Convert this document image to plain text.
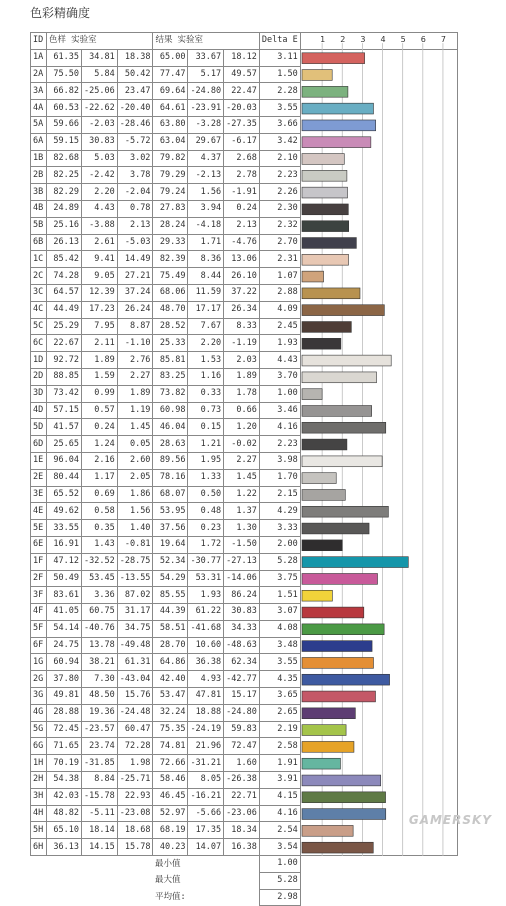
色彩精确度
ID	色样 实验室			结果 实验室			Delta E	
1A	61.35	34.81	18.38	65.00	33.67	18.12	3.11	
2A	75.50	5.84	50.42	77.47	5.17	49.57	1.50	
3A	66.82	-25.06	23.47	69.64	-24.80	22.47	2.28	
4A	60.53	-22.62	-20.40	64.61	-23.91	-20.03	3.55	
5A	59.66	-2.03	-28.46	63.80	-3.28	-27.35	3.66	
6A	59.15	30.83	-5.72	63.04	29.67	-6.17	3.42	
1B	82.68	5.03	3.02	79.82	4.37	2.68	2.10	
2B	82.25	-2.42	3.78	79.29	-2.13	2.78	2.23	
3B	82.29	2.20	-2.04	79.24	1.56	-1.91	2.26	
4B	24.89	4.43	0.78	27.83	3.94	0.24	2.30	
5B	25.16	-3.88	2.13	28.24	-4.18	2.13	2.32	
6B	26.13	2.61	-5.03	29.33	1.71	-4.76	2.70	
1C	85.42	9.41	14.49	82.39	8.36	13.06	2.31	
2C	74.28	9.05	27.21	75.49	8.44	26.10	1.07	
3C	64.57	12.39	37.24	68.06	11.59	37.22	2.88	
4C	44.49	17.23	26.24	48.70	17.17	26.34	4.09	
5C	25.29	7.95	8.87	28.52	7.67	8.33	2.45	
6C	22.67	2.11	-1.10	25.33	2.20	-1.19	1.93	
1D	92.72	1.89	2.76	85.81	1.53	2.03	4.43	
2D	88.85	1.59	2.27	83.25	1.16	1.89	3.70	
3D	73.42	0.99	1.89	73.82	0.33	1.78	1.00	
4D	57.15	0.57	1.19	60.98	0.73	0.66	3.46	
5D	41.57	0.24	1.45	46.04	0.15	1.20	4.16	
6D	25.65	1.24	0.05	28.63	1.21	-0.02	2.23	
1E	96.04	2.16	2.60	89.56	1.95	2.27	3.98	
2E	80.44	1.17	2.05	78.16	1.33	1.45	1.70	
3E	65.52	0.69	1.86	68.07	0.50	1.22	2.15	
4E	49.62	0.58	1.56	53.95	0.48	1.37	4.29	
5E	33.55	0.35	1.40	37.56	0.23	1.30	3.33	
6E	16.91	1.43	-0.81	19.64	1.72	-1.50	2.00	
1F	47.12	-32.52	-28.75	52.34	-30.77	-27.13	5.28	
2F	50.49	53.45	-13.55	54.29	53.31	-14.06	3.75	
3F	83.61	3.36	87.02	85.55	1.93	86.24	1.51	
4F	41.05	60.75	31.17	44.39	61.22	30.83	3.07	
5F	54.14	-40.76	34.75	58.51	-41.68	34.33	4.08	
6F	24.75	13.78	-49.48	28.70	10.60	-48.63	3.48	
1G	60.94	38.21	61.31	64.86	36.38	62.34	3.55	
2G	37.80	7.30	-43.04	42.40	4.93	-42.77	4.35	
3G	49.81	48.50	15.76	53.47	47.81	15.17	3.65	
4G	28.88	19.36	-24.48	32.24	18.88	-24.80	2.65	
5G	72.45	-23.57	60.47	75.35	-24.19	59.83	2.19	
6G	71.65	23.74	72.28	74.81	21.96	72.47	2.58	
1H	70.19	-31.85	1.98	72.66	-31.21	1.60	1.91	
2H	54.38	8.84	-25.71	58.46	8.05	-26.38	3.91	
3H	42.03	-15.78	22.93	46.45	-16.21	22.71	4.15	
4H	48.82	-5.11	-23.08	52.97	-5.66	-23.06	4.16	
5H	65.10	18.14	18.68	68.19	17.35	18.34	2.54	
6H	36.13	14.15	15.78	40.23	14.07	16.38	3.54	
				最小值			1.00	
				最大值			5.28	
				平均值:			2.98	
GAMERSKY
1 2 3 4 5 6 7
